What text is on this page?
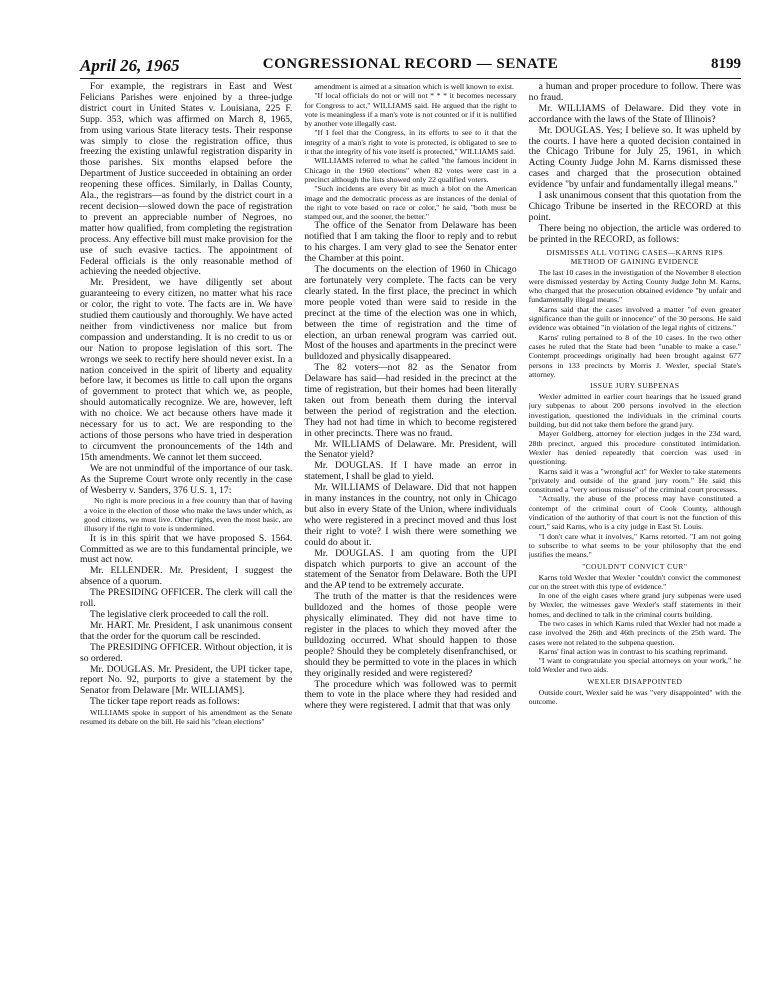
April 26, 1965	CONGRESSIONAL RECORD — SENATE	8199

For example, the registrars in East and West Felicians Parishes were enjoined by a three-judge district court in United States v. Louisiana, 225 F. Supp. 353, which was affirmed on March 8, 1965, from using various State literacy tests. Their response was simply to close the registration office, thus freezing the existing unlawful registration disparity in those parishes. Six months elapsed before the Department of Justice succeeded in obtaining an order reopening these offices. Similarly, in Dallas County, Ala., the registrars—as found by the district court in a recent decision—slowed down the pace of registration to prevent an appreciable number of Negroes, no matter how qualified, from completing the registration process. Any effective bill must make provision for the use of such evasive tactics. The appointment of Federal officials is the only reasonable method of achieving the needed objective.

Mr. President, we have diligently set about guaranteeing to every citizen, no matter what his race or color, the right to vote. The facts are in. We have studied them cautiously and thoroughly. We have acted neither from vindictiveness nor malice but from compassion and understanding. It is no credit to us or our Nation to propose legislation of this sort. The wrongs we seek to rectify here should never exist. In a nation conceived in the spirit of liberty and equality before law, it becomes us little to call upon the organs of government to protect that which we, as people, should automatically recognize. We are, however, left with no choice. We act because others have made it necessary for us to act. We are responding to the actions of those persons who have tried in desperation to circumvent the pronouncements of the 14th and 15th amendments. We cannot let them succeed.

We are not unmindful of the importance of our task. As the Supreme Court wrote only recently in the case of Wesberry v. Sanders, 376 U.S. 1, 17:

No right is more precious in a free country than that of having a voice in the election of those who make the laws under which, as good citizens, we must live. Other rights, even the most basic, are illusory if the right to vote is undermined.

It is in this spirit that we have proposed S. 1564. Committed as we are to this fundamental principle, we must act now.

Mr. ELLENDER. Mr. President, I suggest the absence of a quorum.

The PRESIDING OFFICER. The clerk will call the roll.

The legislative clerk proceeded to call the roll.

Mr. HART. Mr. President, I ask unanimous consent that the order for the quorum call be rescinded.

The PRESIDING OFFICER. Without objection, it is so ordered.

Mr. DOUGLAS. Mr. President, the UPI ticker tape, report No. 92, purports to give a statement by the Senator from Delaware [Mr. WILLIAMS].

The ticker tape report reads as follows:

WILLIAMS spoke in support of his amendment as the Senate resumed its debate on the bill. He said his "clean elections"

amendment is aimed at a situation which is well known to exist.

"If local officials do not or will not * * * it becomes necessary for Congress to act," WILLIAMS said. He argued that the right to vote is meaningless if a man's vote is not counted or if it is nullified by another vote illegally cast.

"If I feel that the Congress, in its efforts to see to it that the integrity of a man's right to vote is protected, is obligated to see to it that the integrity of his vote itself is protected," WILLIAMS said.

WILLIAMS referred to what he called "the famous incident in Chicago in the 1960 elections" when 82 votes were cast in a precinct although the lists showed only 22 qualified voters.

"Such incidents are every bit as much a blot on the American image and the democratic process as are instances of the denial of the right to vote based on race or color," he said, "both must be stamped out, and the sooner, the better."

The office of the Senator from Delaware has been notified that I am taking the floor to reply and to rebut to his charges. I am very glad to see the Senator enter the Chamber at this point.

The documents on the election of 1960 in Chicago are fortunately very complete. The facts can be very clearly stated. In the first place, the precinct in which more people voted than were said to reside in the precinct at the time of the election was one in which, between the time of registration and the time of election, an urban renewal program was carried out. Most of the houses and apartments in the precinct were bulldozed and physically disappeared.

The 82 voters—not 82 as the Senator from Delaware has said—had resided in the precinct at the time of registration, but their homes had been literally taken out from beneath them during the interval between the period of registration and the election. They had not had time in which to become registered in other precincts. There was no fraud.

Mr. WILLIAMS of Delaware. Mr. President, will the Senator yield?

Mr. DOUGLAS. If I have made an error in statement, I shall be glad to yield.

Mr. WILLIAMS of Delaware. Did that not happen in many instances in the country, not only in Chicago but also in every State of the Union, where individuals who were registered in a precinct moved and thus lost their right to vote? I wish there were something we could do about it.

Mr. DOUGLAS. I am quoting from the UPI dispatch which purports to give an account of the statement of the Senator from Delaware. Both the UPI and the AP tend to be extremely accurate.

The truth of the matter is that the residences were bulldozed and the homes of those people were physically eliminated. They did not have time to register in the places to which they moved after the bulldozing occurred. What should happen to those people? Should they be completely disenfranchised, or should they be permitted to vote in the places in which they originally resided and were registered?

The procedure which was followed was to permit them to vote in the place where they had resided and where they were registered. I admit that that was only

a human and proper procedure to follow. There was no fraud.

Mr. WILLIAMS of Delaware. Did they vote in accordance with the laws of the State of Illinois?

Mr. DOUGLAS. Yes; I believe so. It was upheld by the courts. I have here a quoted decision contained in the Chicago Tribune for July 25, 1961, in which Acting County Judge John M. Karns dismissed these cases and charged that the prosecution obtained evidence "by unfair and fundamentally illegal means."

I ask unanimous consent that this quotation from the Chicago Tribune be inserted in the RECORD at this point.

There being no objection, the article was ordered to be printed in the RECORD, as follows:

DISMISSES ALL VOTING CASES—KARNS RIPS METHOD OF GAINING EVIDENCE

The last 10 cases in the investigation of the November 8 election were dismissed yesterday by Acting County Judge John M. Karns, who charged that the prosecution obtained evidence "by unfair and fundamentally illegal means."

Karns said that the cases involved a matter "of even greater significance than the guilt or innocence" of the 30 persons. He said evidence was obtained "in violation of the legal rights of citizens."

Karns' ruling pertained to 8 of the 10 cases. In the two other cases he ruled that the State had been "unable to make a case." Contempt proceedings originally had been brought against 677 persons in 133 precincts by Morris J. Wexler, special State's attorney.

ISSUE JURY SUBPENAS

Wexler admitted in earlier court hearings that he issued grand jury subpenas to about 200 persons involved in the election investigation, questioned the individuals in the criminal courts building, but did not take them before the grand jury.

Mayer Goldberg, attorney for election judges in the 23d ward, 28th precinct, argued this procedure constituted intimidation. Wexler has denied repeatedly that coercion was used in questioning.

Karns said it was a "wrongful act" for Wexler to take statements "privately and outside of the grand jury room." He said this constituted a "very serious misuse" of the criminal court processes.

"Actually, the abuse of the process may have constituted a contempt of the criminal court of Cook County, although vindication of the authority of that court is not the function of this court," said Karns, who is a city judge in East St. Louis.

"I don't care what it involves," Karns retorted. "I am not going to subscribe to what seems to be your philosophy that the end justifies the means."

"COULDN'T CONVICT CUR"

Karns told Wexler that Wexler "couldn't convict the commonest cur on the street with this type of evidence."

In one of the eight cases where grand jury subpenas were used by Wexler, the witnesses gave Wexler's staff statements in their homes, and declined to talk in the criminal courts building.

The two cases in which Karns ruled that Wexler had not made a case involved the 26th and 46th precincts of the 25th ward. The cases were not related to the subpena question.

Karns' final action was in contrast to his scathing reprimand.

"I want to congratulate you special attorneys on your work," he told Wexler and two aids.

WEXLER DISAPPOINTED

Outside court, Wexler said he was "very disappointed" with the outcome.
